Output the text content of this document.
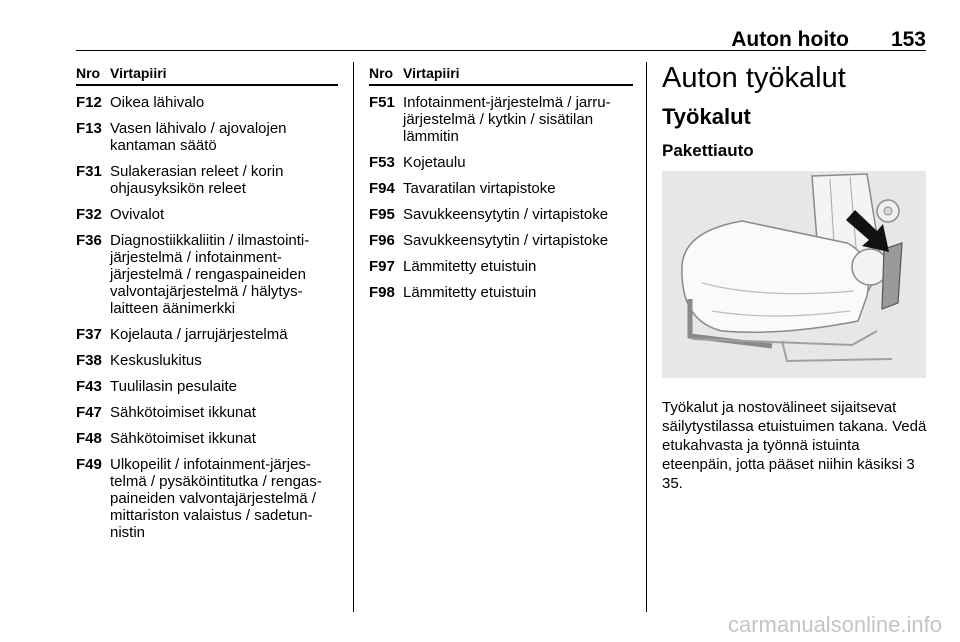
Auton hoito 153
Nro Virtapiiri
F12 Oikea lähivalo
F13 Vasen lähivalo / ajovalojen kantaman säätö
F31 Sulakerasian releet / korin ohjausyksikön releet
F32 Ovivalot
F36 Diagnostiikkaliitin / ilmastointi-järjestelmä / infotainment-järjestelmä / rengaspaineiden valvontajärjestelmä / hälytys-laitteen äänimerkki
F37 Kojelauta / jarrujärjestelmä
F38 Keskuslukitus
F43 Tuulilasin pesulaite
F47 Sähkötoimiset ikkunat
F48 Sähkötoimiset ikkunat
F49 Ulkopeilit / infotainment-järjes-telmä / pysäköintitutka / rengas-paineiden valvontajärjestelmä / mittariston valaistus / sadetun-nistin
Nro Virtapiiri
F51 Infotainment-järjestelmä / jarru-järjestelmä / kytkin / sisätilan lämmitin
F53 Kojetaulu
F94 Tavaratilan virtapistoke
F95 Savukkeensytytin / virtapistoke
F96 Savukkeensytytin / virtapistoke
F97 Lämmitetty etuistuin
F98 Lämmitetty etuistuin
Auton työkalut
Työkalut
Pakettiauto

Työkalut ja nostovälineet sijaitsevat säilytystilassa etuistuimen takana. Vedä etukahvasta ja työnnä istuinta eteenpäin, jotta pääset niihin käsiksi 3 35.

carmanualsonline.info
